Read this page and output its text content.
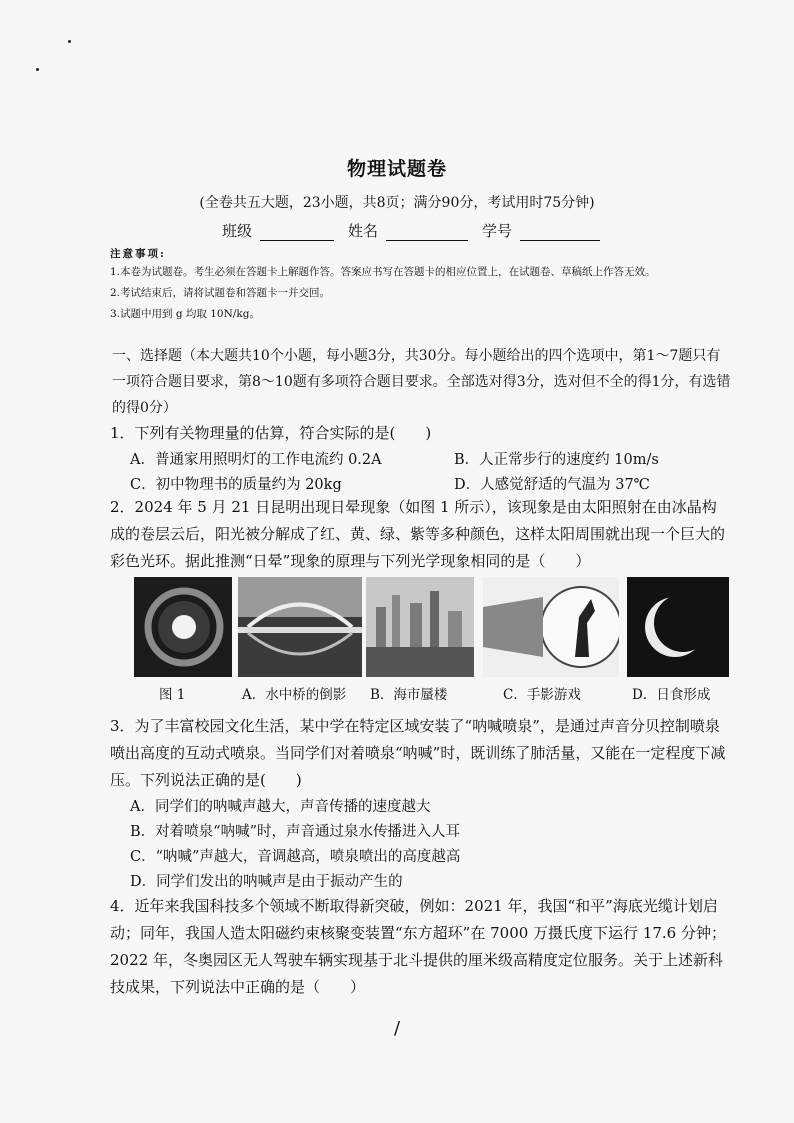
物理试题卷
(全卷共五大题，23小题，共8页；满分90分，考试用时75分钟)
班级	姓名	学号
注意事项:
1.本卷为试题卷。考生必须在答题卡上解题作答。答案应书写在答题卡的相应位置上，在试题卷、草稿纸上作答无效。
2.考试结束后，请将试题卷和答题卡一并交回。
3.试题中用到 g 均取 10N/kg。
一、选择题（本大题共10个小题，每小题3分，共30分。每小题给出的四个选项中，第1～7题只有一项符合题目要求，第8～10题有多项符合题目要求。全部选对得3分，选对但不全的得1分，有选错的得0分）
1．下列有关物理量的估算，符合实际的是(　　)
A．普通家用照明灯的工作电流约 0.2A	B．人正常步行的速度约 10m/s
C．初中物理书的质量约为 20kg	D．人感觉舒适的气温为 37℃
2．2024 年 5 月 21 日昆明出现日晕现象（如图 1 所示），该现象是由太阳照射在由冰晶构成的卷层云后，阳光被分解成了红、黄、绿、紫等多种颜色，这样太阳周围就出现一个巨大的彩色光环。据此推测“日晕”现象的原理与下列光学现象相同的是（　　）
图 1	A．水中桥的倒影 B．海市蜃楼	C．手影游戏	D．日食形成
3．为了丰富校园文化生活，某中学在特定区域安装了“呐喊喷泉”，是通过声音分贝控制喷泉喷出高度的互动式喷泉。当同学们对着喷泉“呐喊”时，既训练了肺活量，又能在一定程度下减压。下列说法正确的是(　　)
A．同学们的呐喊声越大，声音传播的速度越大
B．对着喷泉“呐喊”时，声音通过泉水传播进入人耳
C．“呐喊”声越大，音调越高，喷泉喷出的高度越高
D．同学们发出的呐喊声是由于振动产生的
4．近年来我国科技多个领域不断取得新突破，例如：2021 年，我国“和平”海底光缆计划启动；同年，我国人造太阳磁约束核聚变装置“东方超环”在 7000 万摄氏度下运行 17.6 分钟；2022 年，冬奥园区无人驾驶车辆实现基于北斗提供的厘米级高精度定位服务。关于上述新科技成果，下列说法中正确的是（　　）
/
